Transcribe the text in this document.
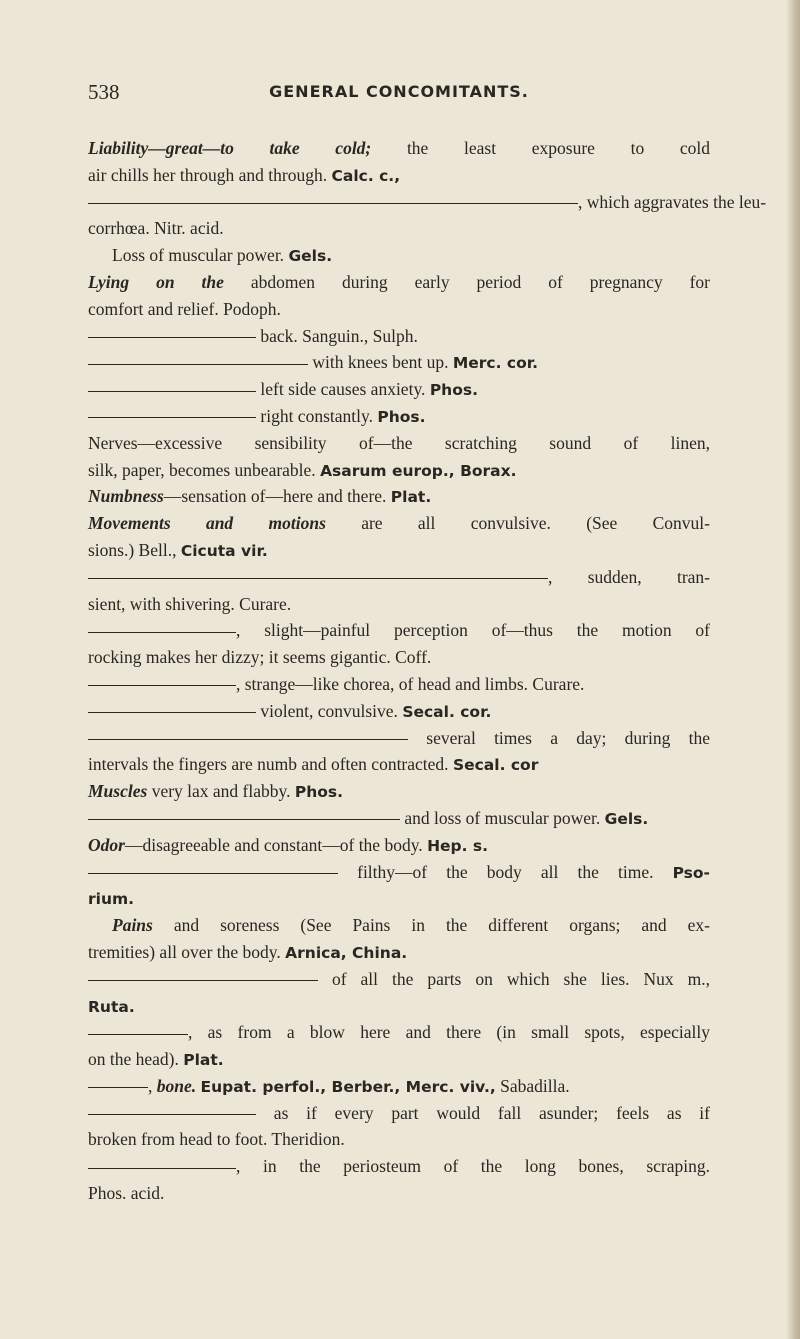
538	GENERAL CONCOMITANTS.
Liability—great—to take cold; the least exposure to cold
air chills her through and through. Calc. c.,
, which aggravates the leu-
corrhœa. Nitr. acid.
Loss of muscular power. Gels.
Lying on the abdomen during early period of pregnancy for
comfort and relief. Podoph.
back. Sanguin., Sulph.
with knees bent up. Merc. cor.
left side causes anxiety. Phos.
right constantly. Phos.
Nerves—excessive sensibility of—the scratching sound of linen,
silk, paper, becomes unbearable. Asarum europ., Borax.
Numbness—sensation of—here and there. Plat.
Movements and motions are all convulsive. (See Convul-
sions.) Bell., Cicuta vir.
, sudden, tran-
sient, with shivering. Curare.
, slight—painful perception of—thus the motion of
rocking makes her dizzy; it seems gigantic. Coff.
, strange—like chorea, of head and limbs. Curare.
violent, convulsive. Secal. cor.
several times a day; during the
intervals the fingers are numb and often contracted. Secal. cor
Muscles very lax and flabby. Phos.
and loss of muscular power. Gels.
Odor—disagreeable and constant—of the body. Hep. s.
filthy—of the body all the time. Pso-
rium.
Pains and soreness (See Pains in the different organs; and ex-
tremities) all over the body. Arnica, China.
of all the parts on which she lies. Nux m.,
Ruta.
, as from a blow here and there (in small spots, especially
on the head). Plat.
, bone. Eupat. perfol., Berber., Merc. viv., Sabadilla.
as if every part would fall asunder; feels as if
broken from head to foot. Theridion.
, in the periosteum of the long bones, scraping.
Phos. acid.
